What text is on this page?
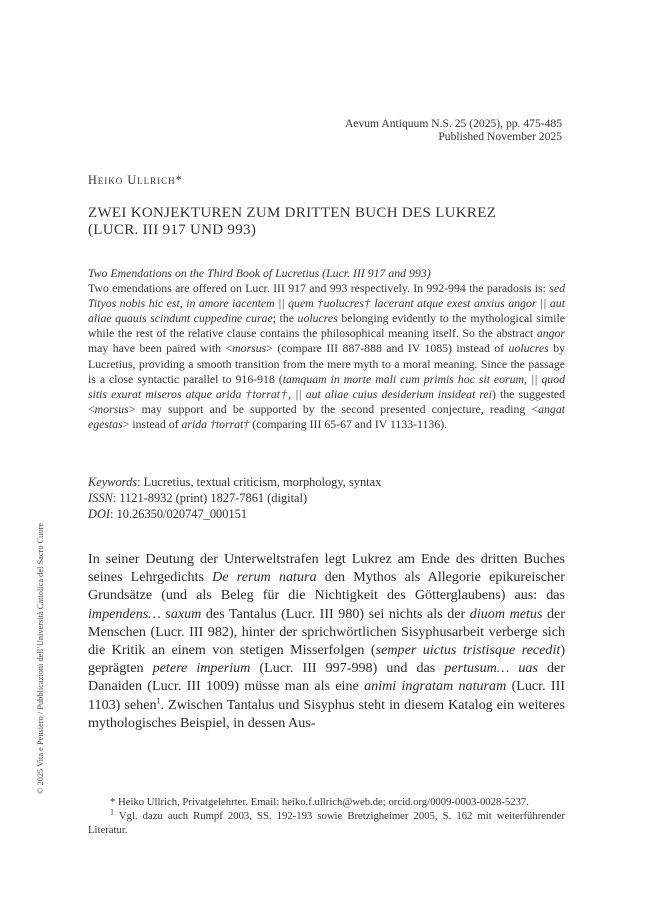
Aevum Antiquum N.S. 25 (2025), pp. 475-485
Published November 2025
Heiko Ullrich*
ZWEI KONJEKTUREN ZUM DRITTEN BUCH DES LUKREZ
(LUCR. III 917 UND 993)
Two Emendations on the Third Book of Lucretius (Lucr. III 917 and 993)
Two emendations are offered on Lucr. III 917 and 993 respectively. In 992-994 the paradosis is: sed Tityos nobis hic est, in amore iacentem || quem †uolucres† lacerant atque exest anxius angor || aut aliae quauis scindunt cuppedine curae; the uolucres belonging evidently to the mythological simile while the rest of the relative clause contains the philosophical meaning itself. So the abstract angor may have been paired with <morsus> (compare III 887-888 and IV 1085) instead of uolucres by Lucretius, providing a smooth transition from the mere myth to a moral meaning. Since the passage is a close syntactic parallel to 916-918 (tamquam in morte mali cum primis hoc sit eorum, || quod sitis exurat miseros atque arida †torrat†, || aut aliae cuius desiderium insideat rei) the suggested <morsus> may support and be supported by the second presented conjecture, reading <angat egestas> instead of arida †torrat† (comparing III 65-67 and IV 1133-1136).
Keywords: Lucretius, textual criticism, morphology, syntax
ISSN: 1121-8932 (print) 1827-7861 (digital)
DOI: 10.26350/020747_000151
In seiner Deutung der Unterweltstrafen legt Lukrez am Ende des dritten Buches seines Lehrgedichts De rerum natura den Mythos als Allegorie epikureischer Grundsätze (und als Beleg für die Nichtigkeit des Götterglaubens) aus: das impendens… saxum des Tantalus (Lucr. III 980) sei nichts als der diuom metus der Menschen (Lucr. III 982), hinter der sprichwörtlichen Sisyphusarbeit verberge sich die Kritik an einem von stetigen Misserfolgen (semper uictus tristisque recedit) geprägten petere imperium (Lucr. III 997-998) und das pertusum… uas der Danaiden (Lucr. III 1009) müsse man als eine animi ingratam naturam (Lucr. III 1103) sehen$^1$. Zwischen Tantalus und Sisyphus steht in diesem Katalog ein weiteres mythologisches Beispiel, in dessen Aus-

* Heiko Ullrich, Privatgelehrter. Email: heiko.f.ullrich@web.de; orcid.org/0009-0003-0028-5237.

$^1$ Vgl. dazu auch Rumpf 2003, SS. 192-193 sowie Bretzigheimer 2005, S. 162 mit weiterführender Literatur.

© 2025 Vita e Pensiero / Pubblicazioni dell’Università Cattolica del Sacro Cuore
